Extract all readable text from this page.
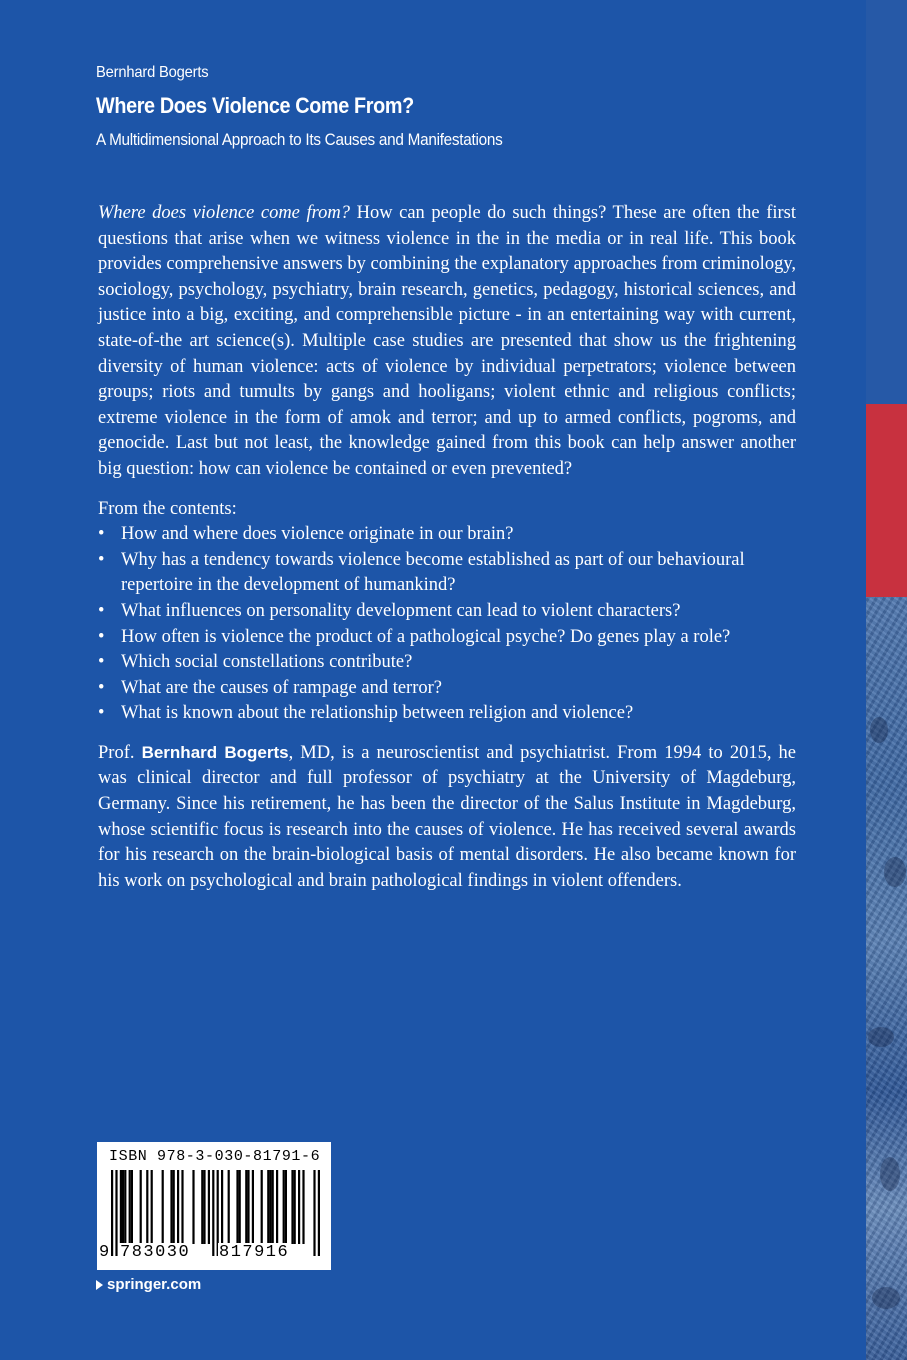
Bernhard Bogerts
Where Does Violence Come From?
A Multidimensional Approach to Its Causes and Manifestations

Where does violence come from? How can people do such things? These are often the first questions that arise when we witness violence in the in the media or in real life. This book provides comprehensive answers by combining the explanatory approaches from criminology, sociology, psychology, psychiatry, brain research, genetics, pedagogy, historical sciences, and justice into a big, exciting, and comprehensible picture - in an entertaining way with current, state-of-the art science(s). Multiple case studies are presented that show us the frightening diversity of human violence: acts of violence by individual perpetrators; violence between groups; riots and tumults by gangs and hooligans; violent ethnic and religious conflicts; extreme violence in the form of amok and terror; and up to armed conflicts, pogroms, and genocide. Last but not least, the knowledge gained from this book can help answer another big question: how can violence be contained or even prevented?

From the contents:

• How and where does violence originate in our brain?
• Why has a tendency towards violence become established as part of our behavioural repertoire in the development of humankind?
• What influences on personality development can lead to violent characters?
• How often is violence the product of a pathological psyche? Do genes play a role?
• Which social constellations contribute?
• What are the causes of rampage and terror?
• What is known about the relationship between religion and violence?

Prof. Bernhard Bogerts, MD, is a neuroscientist and psychiatrist. From 1994 to 2015, he was clinical director and full professor of psychiatry at the University of Magdeburg, Germany. Since his retirement, he has been the director of the Salus Institute in Magdeburg, whose scientific focus is research into the causes of violence. He has received several awards for his research on the brain-biological basis of mental disorders. He also became known for his work on psychological and brain pathological findings in violent offenders.

ISBN 978-3-030-81791-6
9 783030 817916
springer.com
